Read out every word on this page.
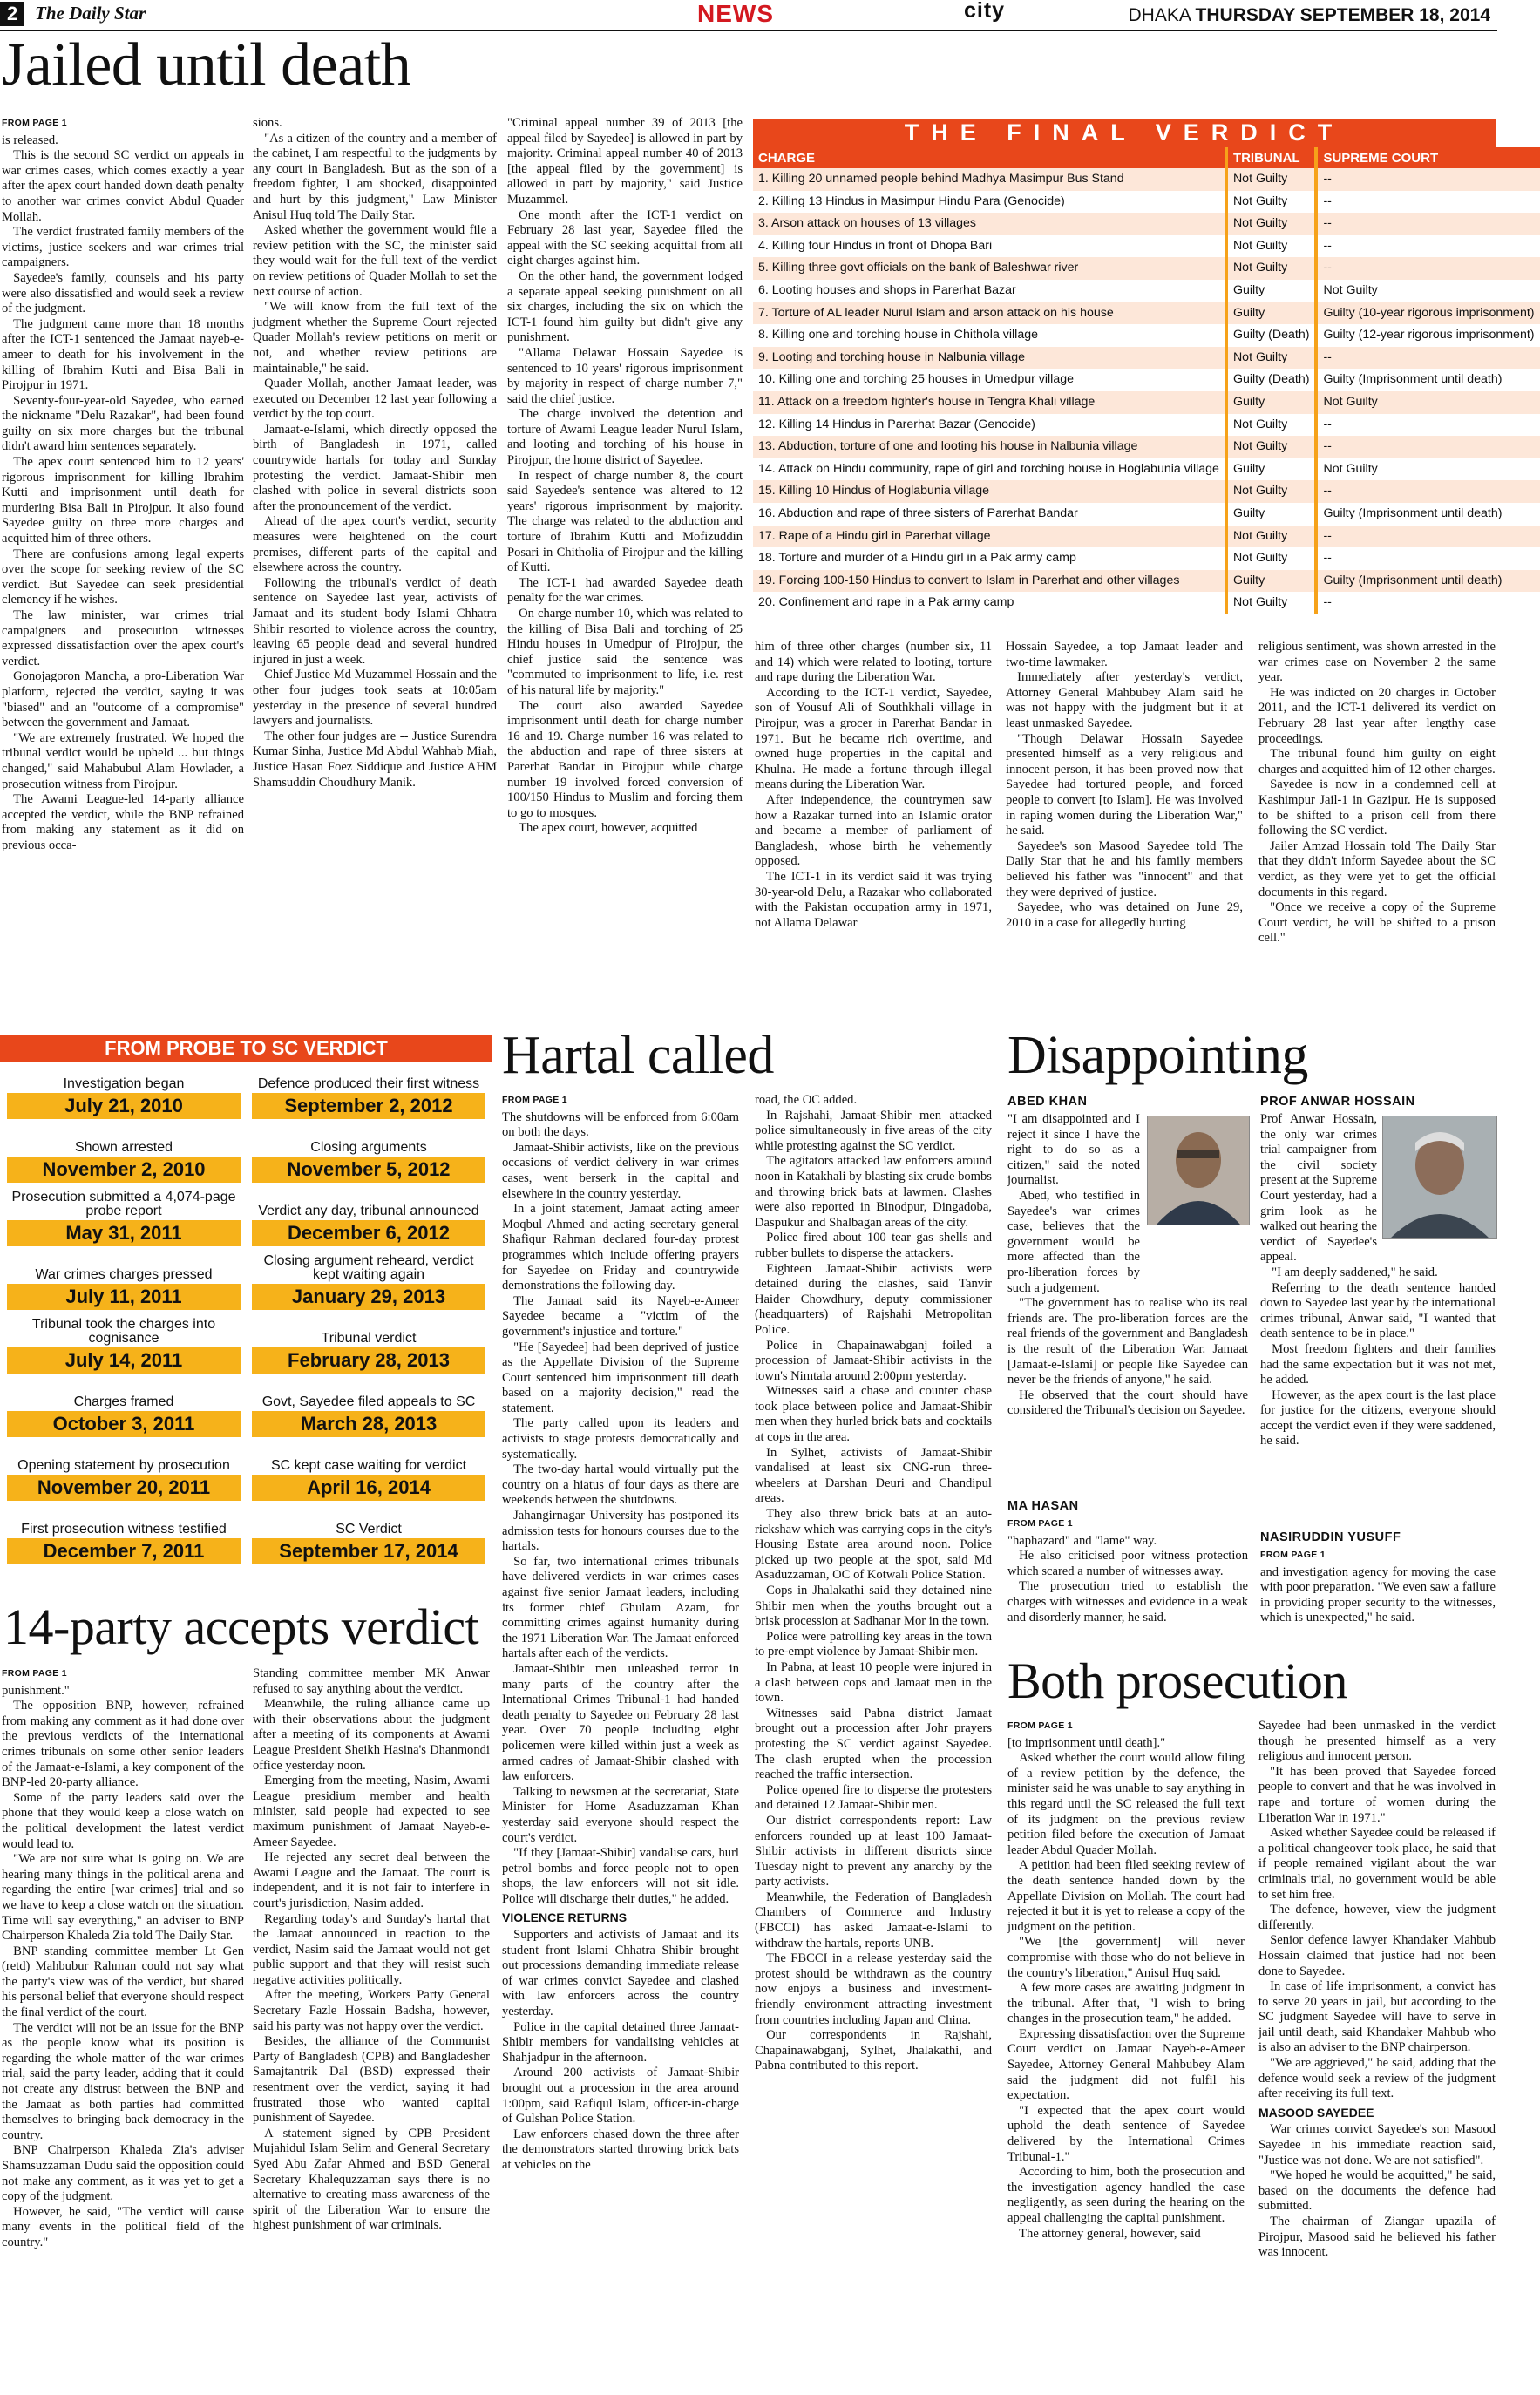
2 The Daily Star	NEWS	city	DHAKA THURSDAY SEPTEMBER 18, 2014
Jailed until death
FROM PAGE 1

is released.

This is the second SC verdict on appeals in war crimes cases, which comes exactly a year after the apex court handed down death penalty to another war crimes convict Abdul Quader Mollah.

The verdict frustrated family members of the victims, justice seekers and war crimes trial campaigners.

Sayedee's family, counsels and his party were also dissatisfied and would seek a review of the judgment.

The judgment came more than 18 months after the ICT-1 sentenced the Jamaat nayeb-e-ameer to death for his involvement in the killing of Ibrahim Kutti and Bisa Bali in Pirojpur in 1971.

Seventy-four-year-old Sayedee, who earned the nickname "Delu Razakar", had been found guilty on six more charges but the tribunal didn't award him sentences separately.

The apex court sentenced him to 12 years' rigorous imprisonment for killing Ibrahim Kutti and imprisonment until death for murdering Bisa Bali in Pirojpur. It also found Sayedee guilty on three more charges and acquitted him of three others.

There are confusions among legal experts over the scope for seeking review of the SC verdict. But Sayedee can seek presidential clemency if he wishes.

The law minister, war crimes trial campaigners and prosecution witnesses expressed dissatisfaction over the apex court's verdict.

Gonojagoron Mancha, a pro-Liberation War platform, rejected the verdict, saying it was "biased" and an "outcome of a compromise" between the government and Jamaat.

"We are extremely frustrated. We hoped the tribunal verdict would be upheld ... but things changed," said Mahabubul Alam Howlader, a prosecution witness from Pirojpur.

The Awami League-led 14-party alliance accepted the verdict, while the BNP refrained from making any statement as it did on previous occa-

sions.

"As a citizen of the country and a member of the cabinet, I am respectful to the judgments by any court in Bangladesh. But as the son of a freedom fighter, I am shocked, disappointed and hurt by this judgment," Law Minister Anisul Huq told The Daily Star.

Asked whether the government would file a review petition with the SC, the minister said they would wait for the full text of the verdict on review petitions of Quader Mollah to set the next course of action.

"We will know from the full text of the judgment whether the Supreme Court rejected Quader Mollah's review petitions on merit or not, and whether review petitions are maintainable," he said.

Quader Mollah, another Jamaat leader, was executed on December 12 last year following a verdict by the top court.

Jamaat-e-Islami, which directly opposed the birth of Bangladesh in 1971, called countrywide hartals for today and Sunday protesting the verdict. Jamaat-Shibir men clashed with police in several districts soon after the pronouncement of the verdict.

Ahead of the apex court's verdict, security measures were heightened on the court premises, different parts of the capital and elsewhere across the country.

Following the tribunal's verdict of death sentence on Sayedee last year, activists of Jamaat and its student body Islami Chhatra Shibir resorted to violence across the country, leaving 65 people dead and several hundred injured in just a week.

Chief Justice Md Muzammel Hossain and the other four judges took seats at 10:05am yesterday in the presence of several hundred lawyers and journalists.

The other four judges are -- Justice Surendra Kumar Sinha, Justice Md Abdul Wahhab Miah, Justice Hasan Foez Siddique and Justice AHM Shamsuddin Choudhury Manik.

"Criminal appeal number 39 of 2013 [the appeal filed by Sayedee] is allowed in part by majority. Criminal appeal number 40 of 2013 [the appeal filed by the government] is allowed in part by majority," said Justice Muzammel.

One month after the ICT-1 verdict on February 28 last year, Sayedee filed the appeal with the SC seeking acquittal from all eight charges against him.

On the other hand, the government lodged a separate appeal seeking punishment on all six charges, including the six on which the ICT-1 found him guilty but didn't give any punishment.

"Allama Delawar Hossain Sayedee is sentenced to 10 years' rigorous imprisonment by majority in respect of charge number 7," said the chief justice.

The charge involved the detention and torture of Awami League leader Nurul Islam, and looting and torching of his house in Pirojpur, the home district of Sayedee.

In respect of charge number 8, the court said Sayedee's sentence was altered to 12 years' rigorous imprisonment by majority. The charge was related to the abduction and torture of Ibrahim Kutti and Mofizuddin Posari in Chitholia of Pirojpur and the killing of Kutti.

The ICT-1 had awarded Sayedee death penalty for the war crimes.

On charge number 10, which was related to the killing of Bisa Bali and torching of 25 Hindu houses in Umedpur of Pirojpur, the chief justice said the sentence was "commuted to imprisonment to life, i.e. rest of his natural life by majority."

The court also awarded Sayedee imprisonment until death for charge number 16 and 19. Charge number 16 was related to the abduction and rape of three sisters at Parerhat Bandar in Pirojpur while charge number 19 involved forced conversion of 100/150 Hindus to Muslim and forcing them to go to mosques.

The apex court, however, acquitted

THE FINAL VERDICT
CHARGE	TRIBUNAL	SUPREME COURT
1. Killing 20 unnamed people behind Madhya Masimpur Bus Stand	Not Guilty	--
2. Killing 13 Hindus in Masimpur Hindu Para (Genocide)	Not Guilty	--
3. Arson attack on houses of 13 villages	Not Guilty	--
4. Killing four Hindus in front of Dhopa Bari	Not Guilty	--
5. Killing three govt officials on the bank of Baleshwar river	Not Guilty	--
6. Looting houses and shops in Parerhat Bazar	Guilty	Not Guilty
7. Torture of AL leader Nurul Islam and arson attack on his house	Guilty	Guilty (10-year rigorous imprisonment)
8. Killing one and torching house in Chithola village	Guilty (Death)	Guilty (12-year rigorous imprisonment)
9. Looting and torching house in Nalbunia village	Not Guilty	--
10. Killing one and torching 25 houses in Umedpur village	Guilty (Death)	Guilty (Imprisonment until death)
11. Attack on a freedom fighter's house in Tengra Khali village	Guilty	Not Guilty
12. Killing 14 Hindus in Parerhat Bazar (Genocide)	Not Guilty	--
13. Abduction, torture of one and looting his house in Nalbunia village	Not Guilty	--
14. Attack on Hindu community, rape of girl and torching house in Hoglabunia village	Guilty	Not Guilty
15. Killing 10 Hindus of Hoglabunia village	Not Guilty	--
16. Abduction and rape of three sisters of Parerhat Bandar	Guilty	Guilty (Imprisonment until death)
17. Rape of a Hindu girl in Parerhat village	Not Guilty	--
18. Torture and murder of a Hindu girl in a Pak army camp	Not Guilty	--
19. Forcing 100-150 Hindus to convert to Islam in Parerhat and other villages	Guilty	Guilty (Imprisonment until death)
20. Confinement and rape in a Pak army camp	Not Guilty	--

him of three other charges (number six, 11 and 14) which were related to looting, torture and rape during the Liberation War.

According to the ICT-1 verdict, Sayedee, son of Yousuf Ali of Southkhali village in Pirojpur, was a grocer in Parerhat Bandar in 1971. But he became rich overtime, and owned huge properties in the capital and Khulna. He made a fortune through illegal means during the Liberation War.

After independence, the countrymen saw how a Razakar turned into an Islamic orator and became a member of parliament of Bangladesh, whose birth he vehemently opposed.

The ICT-1 in its verdict said it was trying 30-year-old Delu, a Razakar who collaborated with the Pakistan occupation army in 1971, not Allama Delawar

Hossain Sayedee, a top Jamaat leader and two-time lawmaker.

Immediately after yesterday's verdict, Attorney General Mahbubey Alam said he was not happy with the judgment but it at least unmasked Sayedee.

"Though Delawar Hossain Sayedee presented himself as a very religious and innocent person, it has been proved now that Sayedee had tortured people, and forced people to convert [to Islam]. He was involved in raping women during the Liberation War," he said.

Sayedee's son Masood Sayedee told The Daily Star that he and his family members believed his father was "innocent" and that they were deprived of justice.

Sayedee, who was detained on June 29, 2010 in a case for allegedly hurting

religious sentiment, was shown arrested in the war crimes case on November 2 the same year.

He was indicted on 20 charges in October 2011, and the ICT-1 delivered its verdict on February 28 last year after lengthy case proceedings.

The tribunal found him guilty on eight charges and acquitted him of 12 other charges.

Sayedee is now in a condemned cell at Kashimpur Jail-1 in Gazipur. He is supposed to be shifted to a prison cell from there following the SC verdict.

Jailer Amzad Hossain told The Daily Star that they didn't inform Sayedee about the SC verdict, as they were yet to get the official documents in this regard.

"Once we receive a copy of the Supreme Court verdict, he will be shifted to a prison cell."

FROM PROBE TO SC VERDICT
Investigation began
July 21, 2010
Shown arrested
November 2, 2010
Prosecution submitted a 4,074-page probe report
May 31, 2011
War crimes charges pressed
July 11, 2011
Tribunal took the charges into cognisance
July 14, 2011
Charges framed
October 3, 2011
Opening statement by prosecution
November 20, 2011
First prosecution witness testified
December 7, 2011
Defence produced their first witness
September 2, 2012
Closing arguments
November 5, 2012
Verdict any day, tribunal announced
December 6, 2012
Closing argument reheard, verdict kept waiting again
January 29, 2013
Tribunal verdict
February 28, 2013
Govt, Sayedee filed appeals to SC
March 28, 2013
SC kept case waiting for verdict
April 16, 2014
SC Verdict
September 17, 2014
14-party accepts verdict
FROM PAGE 1

punishment."

The opposition BNP, however, refrained from making any comment as it had done over the previous verdicts of the international crimes tribunals on some other senior leaders of the Jamaat-e-Islami, a key component of the BNP-led 20-party alliance.

Some of the party leaders said over the phone that they would keep a close watch on the political development the latest verdict would lead to.

"We are not sure what is going on. We are hearing many things in the political arena and regarding the entire [war crimes] trial and so we have to keep a close watch on the situation. Time will say everything," an adviser to BNP Chairperson Khaleda Zia told The Daily Star.

BNP standing committee member Lt Gen (retd) Mahbubur Rahman could not say what the party's view was of the verdict, but shared his personal belief that everyone should respect the final verdict of the court.

The verdict will not be an issue for the BNP as the people know what its position is regarding the whole matter of the war crimes trial, said the party leader, adding that it could not create any distrust between the BNP and the Jamaat as both parties had committed themselves to bringing back democracy in the country.

BNP Chairperson Khaleda Zia's adviser Shamsuzzaman Dudu said the opposition could not make any comment, as it was yet to get a copy of the judgment.

However, he said, "The verdict will cause many events in the political field of the country."

Standing committee member MK Anwar refused to say anything about the verdict.

Meanwhile, the ruling alliance came up with their observations about the judgment after a meeting of its components at Awami League President Sheikh Hasina's Dhanmondi office yesterday noon.

Emerging from the meeting, Nasim, Awami League presidium member and health minister, said people had expected to see maximum punishment of Jamaat Nayeb-e-Ameer Sayedee.

He rejected any secret deal between the Awami League and the Jamaat. The court is independent, and it is not fair to interfere in court's jurisdiction, Nasim added.

Regarding today's and Sunday's hartal that the Jamaat announced in reaction to the verdict, Nasim said the Jamaat would not get public support and that they will resist such negative activities politically.

After the meeting, Workers Party General Secretary Fazle Hossain Badsha, however, said his party was not happy over the verdict.

Besides, the alliance of the Communist Party of Bangladesh (CPB) and Bangladesher Samajtantrik Dal (BSD) expressed their resentment over the verdict, saying it had frustrated those who wanted capital punishment of Sayedee.

A statement signed by CPB President Mujahidul Islam Selim and General Secretary Syed Abu Zafar Ahmed and BSD General Secretary Khalequzzaman says there is no alternative to creating mass awareness of the spirit of the Liberation War to ensure the highest punishment of war criminals.

Hartal called
FROM PAGE 1

The shutdowns will be enforced from 6:00am on both the days.

Jamaat-Shibir activists, like on the previous occasions of verdict delivery in war crimes cases, went berserk in the capital and elsewhere in the country yesterday.

In a joint statement, Jamaat acting ameer Moqbul Ahmed and acting secretary general Shafiqur Rahman declared four-day protest programmes which include offering prayers for Sayedee on Friday and countrywide demonstrations the following day.

The Jamaat said its Nayeb-e-Ameer Sayedee became a "victim of the government's injustice and torture."

"He [Sayedee] had been deprived of justice as the Appellate Division of the Supreme Court sentenced him imprisonment till death based on a majority decision," read the statement.

The party called upon its leaders and activists to stage protests democratically and systematically.

The two-day hartal would virtually put the country on a hiatus of four days as there are weekends between the shutdowns.

Jahangirnagar University has postponed its admission tests for honours courses due to the hartals.

So far, two international crimes tribunals have delivered verdicts in war crimes cases against five senior Jamaat leaders, including its former chief Ghulam Azam, for committing crimes against humanity during the 1971 Liberation War. The Jamaat enforced hartals after each of the verdicts.

Jamaat-Shibir men unleashed terror in many parts of the country after the International Crimes Tribunal-1 had handed death penalty to Sayedee on February 28 last year. Over 70 people including eight policemen were killed within just a week as armed cadres of Jamaat-Shibir clashed with law enforcers.

Talking to newsmen at the secretariat, State Minister for Home Asaduzzaman Khan yesterday said everyone should respect the court's verdict.

"If they [Jamaat-Shibir] vandalise cars, hurl petrol bombs and force people not to open shops, the law enforcers will not sit idle. Police will discharge their duties," he added.

VIOLENCE RETURNS

Supporters and activists of Jamaat and its student front Islami Chhatra Shibir brought out processions demanding immediate release of war crimes convict Sayedee and clashed with law enforcers across the country yesterday.

Police in the capital detained three Jamaat-Shibir members for vandalising vehicles at Shahjadpur in the afternoon.

Around 200 activists of Jamaat-Shibir brought out a procession in the area around 1:00pm, said Rafiqul Islam, officer-in-charge of Gulshan Police Station.

Law enforcers chased down the three after the demonstrators started throwing brick bats at vehicles on the

road, the OC added.

In Rajshahi, Jamaat-Shibir men attacked police simultaneously in five areas of the city while protesting against the SC verdict.

The agitators attacked law enforcers around noon in Katakhali by blasting six crude bombs and throwing brick bats at lawmen. Clashes were also reported in Binodpur, Dingadoba, Daspukur and Shalbagan areas of the city.

Police fired about 100 tear gas shells and rubber bullets to disperse the attackers.

Eighteen Jamaat-Shibir activists were detained during the clashes, said Tanvir Haider Chowdhury, deputy commissioner (headquarters) of Rajshahi Metropolitan Police.

Police in Chapainawabganj foiled a procession of Jamaat-Shibir activists in the town's Nimtala around 2:00pm yesterday.

Witnesses said a chase and counter chase took place between police and Jamaat-Shibir men when they hurled brick bats and cocktails at cops in the area.

In Sylhet, activists of Jamaat-Shibir vandalised at least six CNG-run three-wheelers at Darshan Deuri and Chandipul areas.

They also threw brick bats at an auto-rickshaw which was carrying cops in the city's Housing Estate area around noon. Police picked up two people at the spot, said Md Asaduzzaman, OC of Kotwali Police Station.

Cops in Jhalakathi said they detained nine Shibir men when the youths brought out a brisk procession at Sadhanar Mor in the town.

Police were patrolling key areas in the town to pre-empt violence by Jamaat-Shibir men.

In Pabna, at least 10 people were injured in a clash between cops and Jamaat men in the town.

Witnesses said Pabna district Jamaat brought out a procession after Johr prayers protesting the SC verdict against Sayedee. The clash erupted when the procession reached the traffic intersection.

Police opened fire to disperse the protesters and detained 12 Jamaat-Shibir men.

Our district correspondents report: Law enforcers rounded up at least 100 Jamaat-Shibir activists in different districts since Tuesday night to prevent any anarchy by the party activists.

Meanwhile, the Federation of Bangladesh Chambers of Commerce and Industry (FBCCI) has asked Jamaat-e-Islami to withdraw the hartals, reports UNB.

The FBCCI in a release yesterday said the protest should be withdrawn as the country now enjoys a business and investment-friendly environment attracting investment from countries including Japan and China.

Our correspondents in Rajshahi, Chapainawabganj, Sylhet, Jhalakathi, and Pabna contributed to this report.

Disappointing
ABED KHAN

"I am disappointed and I reject it since I have the right to do so as a citizen," said the noted journalist.

Abed, who testified in Sayedee's war crimes case, believes that the government would be more affected than the pro-liberation forces by such a judgement.

"The government has to realise who its real friends are. The pro-liberation forces are the real friends of the government and Bangladesh is the result of the Liberation War. Jamaat [Jamaat-e-Islami] or people like Sayedee can never be the friends of anyone," he said.

He observed that the court should have considered the Tribunal's decision on Sayedee.

MA HASAN
FROM PAGE 1

"haphazard" and "lame" way.

He also criticised poor witness protection which scared a number of witnesses away.

The prosecution tried to establish the charges with witnesses and evidence in a weak and disorderly manner, he said.

PROF ANWAR HOSSAIN

Prof Anwar Hossain, the only war crimes trial campaigner from the civil society present at the Supreme Court yesterday, had a grim look as he walked out hearing the verdict of Sayedee's appeal.

"I am deeply saddened," he said.

Referring to the death sentence handed down to Sayedee last year by the international crimes tribunal, Anwar said, "I wanted that death sentence to be in place."

Most freedom fighters and their families had the same expectation but it was not met, he added.

However, as the apex court is the last place for justice for the citizens, everyone should accept the verdict even if they were saddened, he said.

NASIRUDDIN YUSUFF
FROM PAGE 1

and investigation agency for moving the case with poor preparation. "We even saw a failure in providing proper security to the witnesses, which is unexpected," he said.

Both prosecution
FROM PAGE 1

[to imprisonment until death]."

Asked whether the court would allow filing of a review petition by the defence, the minister said he was unable to say anything in this regard until the SC released the full text of its judgment on the previous review petition filed before the execution of Jamaat leader Abdul Quader Mollah.

A petition had been filed seeking review of the death sentence handed down by the Appellate Division on Mollah. The court had rejected it but it is yet to release a copy of the judgment on the petition.

"We [the government] will never compromise with those who do not believe in the country's liberation," Anisul Huq said.

A few more cases are awaiting judgment in the tribunal. After that, "I wish to bring changes in the prosecution team," he added.

Expressing dissatisfaction over the Supreme Court verdict on Jamaat Nayeb-e-Ameer Sayedee, Attorney General Mahbubey Alam said the judgment did not fulfil his expectation.

"I expected that the apex court would uphold the death sentence of Sayedee delivered by the International Crimes Tribunal-1."

According to him, both the prosecution and the investigation agency handled the case negligently, as seen during the hearing on the appeal challenging the capital punishment.

The attorney general, however, said

Sayedee had been unmasked in the verdict though he presented himself as a very religious and innocent person.

"It has been proved that Sayedee forced people to convert and that he was involved in rape and torture of women during the Liberation War in 1971."

Asked whether Sayedee could be released if a political changeover took place, he said that if people remained vigilant about the war criminals trial, no government would be able to set him free.

The defence, however, view the judgment differently.

Senior defence lawyer Khandaker Mahbub Hossain claimed that justice had not been done to Sayedee.

In case of life imprisonment, a convict has to serve 20 years in jail, but according to the SC judgment Sayedee will have to serve in jail until death, said Khandaker Mahbub who is also an adviser to the BNP chairperson.

"We are aggrieved," he said, adding that the defence would seek a review of the judgment after receiving its full text.

MASOOD SAYEDEE

War crimes convict Sayedee's son Masood Sayedee in his immediate reaction said, "Justice was not done. We are not satisfied".

"We hoped he would be acquitted," he said, based on the documents the defence had submitted.

The chairman of Ziangar upazila of Pirojpur, Masood said he believed his father was innocent.
